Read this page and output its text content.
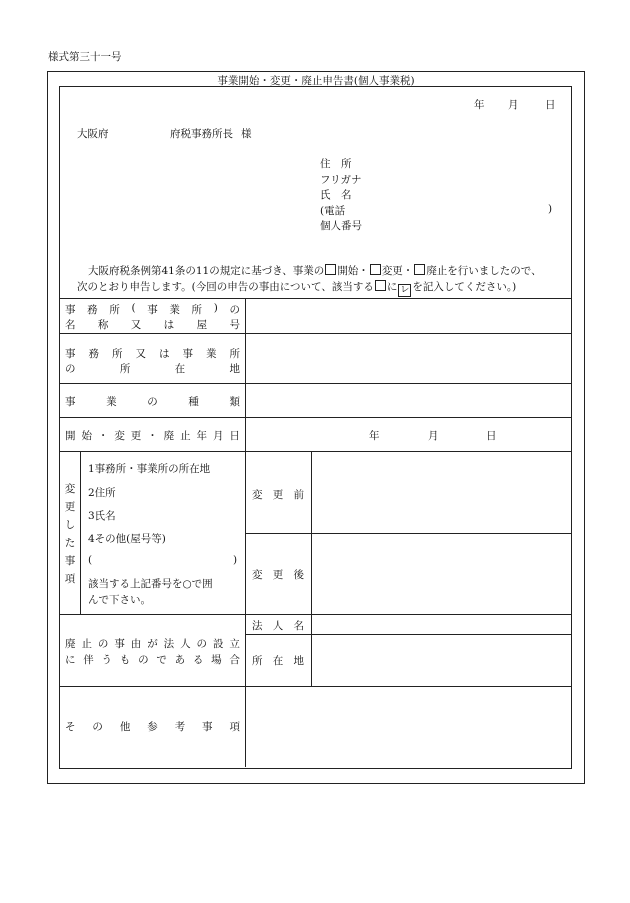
様式第三十一号
事業開始・変更・廃止申告書(個人事業税)
年 月	日
大阪府	府税事務所長 様
住　所
フリガナ
氏　名
(電話	)
個人番号
大阪府税条例第41条の11の規定に基づき、事業の 開始・ 変更・ 廃止を行いましたので、
次のとおり申告します。(今回の申告の事由について、該当する に レ を記入してください。)
事 務 所 ( 事 業 所 ) の
名 称 又 は 屋 号
事 務 所 又 は 事 業 所
の	所	在	地
事	業	の	種	類
開 始 ・ 変 更 ・ 廃 止 年 月 日	年	月	日
変
更
し
た
事
項
1事務所・事業所の所在地
2住所
3氏名
4その他(屋号等)
(	)
該当する上記番号を○で囲
んで下さい。
変 更 前
変 更 後
廃 止 の 事 由 が 法 人 の 設 立
に 伴 う も の で あ る 場 合
法 人 名
所 在 地
そ の 他 参 考 事 項
